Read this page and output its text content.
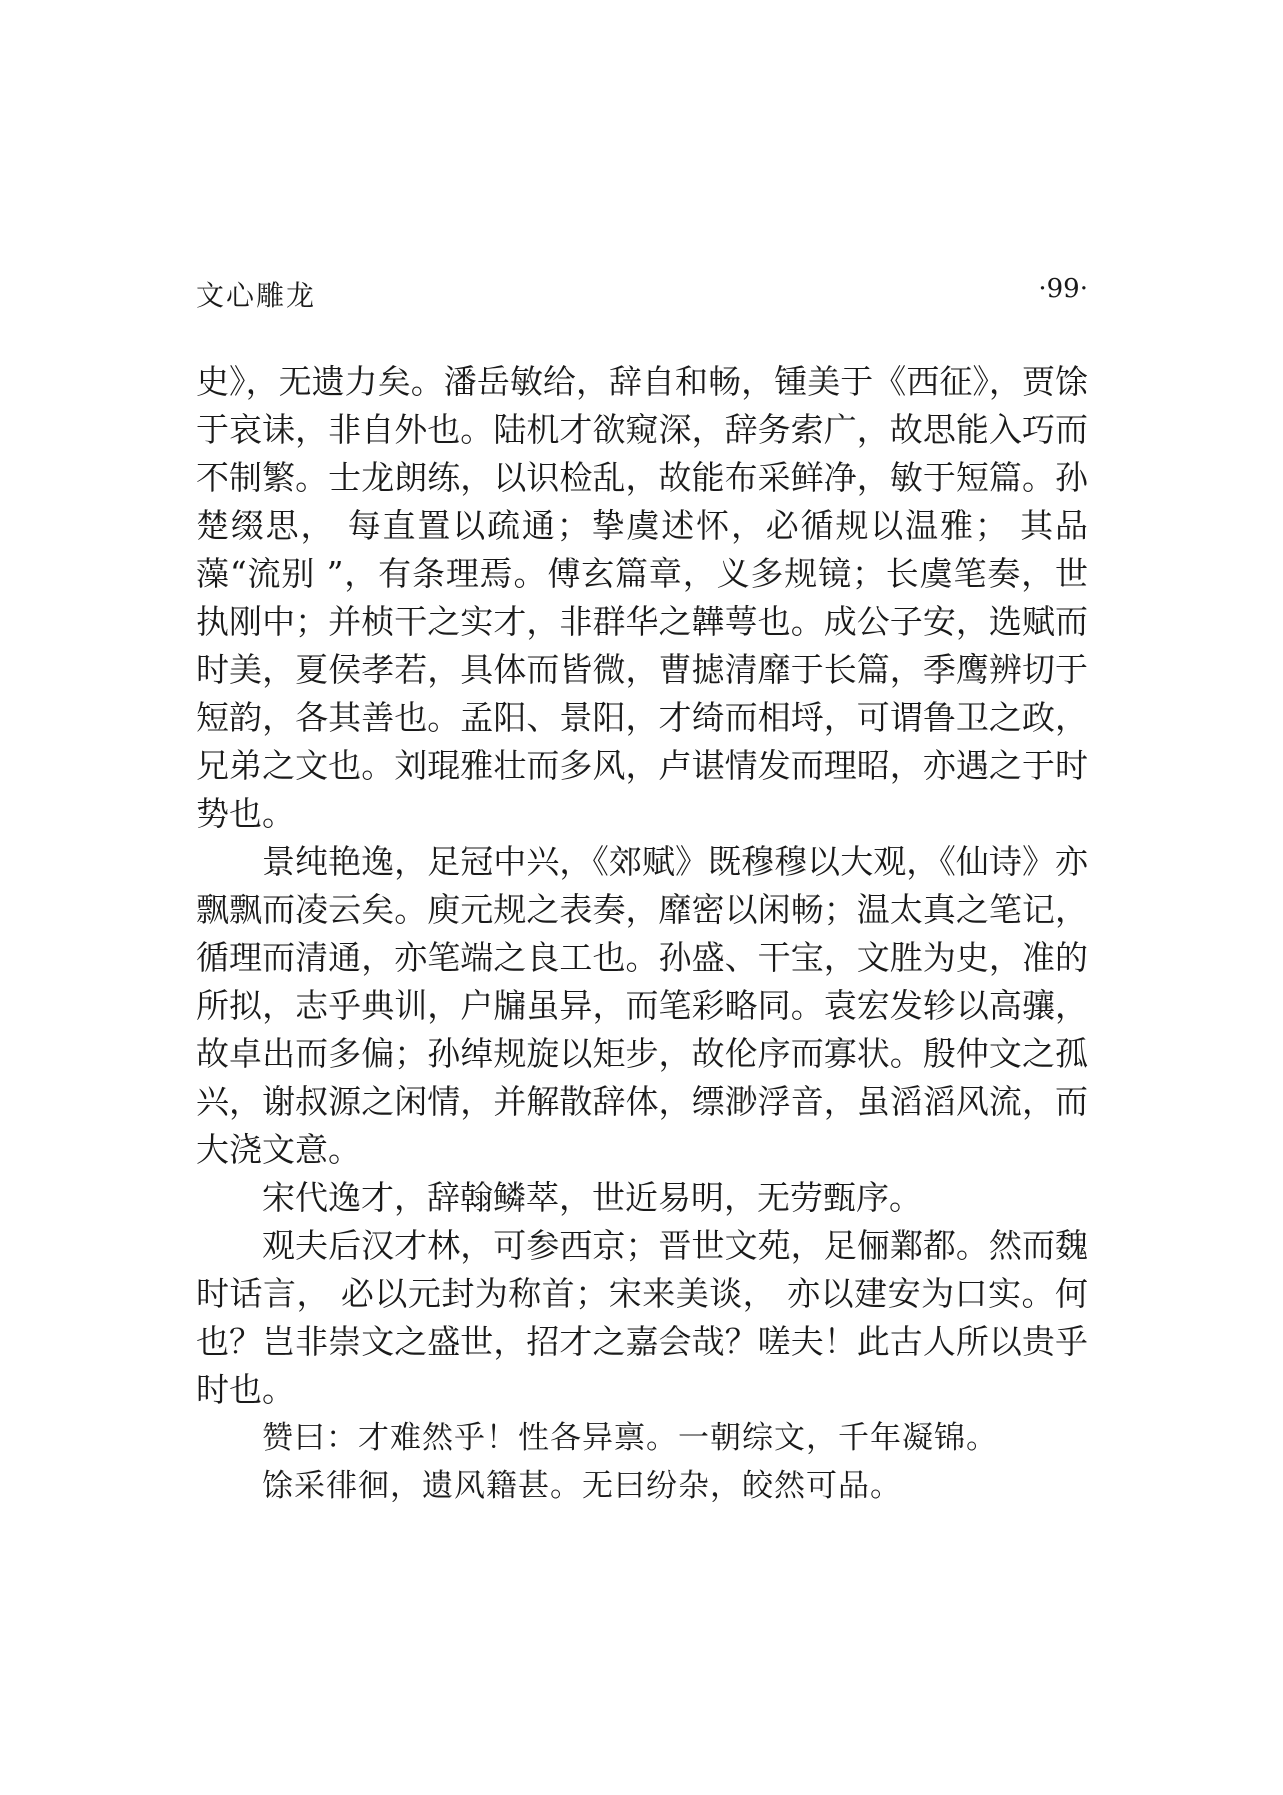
文心雕龙	·99·

史》，无遗力矣。潘岳敏给，辞自和畅，锺美于《西征》，贾馀于哀诔，非自外也。陆机才欲窥深，辞务索广，故思能入巧而不制繁。士龙朗练，以识检乱，故能布采鲜净，敏于短篇。孙楚缀思， 每直置以疏通；挚虞述怀，必循规以温雅； 其品藻“流别 ”，有条理焉。傅玄篇章，义多规镜；长虞笔奏，世执刚中；并桢干之实才，非群华之韡萼也。成公子安，选赋而时美，夏侯孝若，具体而皆微，曹摅清靡于长篇，季鹰辨切于短韵，各其善也。孟阳、景阳，才绮而相埒，可谓鲁卫之政，兄弟之文也。刘琨雅壮而多风，卢谌情发而理昭，亦遇之于时势也。

景纯艳逸，足冠中兴，《郊赋》既穆穆以大观，《仙诗》亦飘飘而凌云矣。庾元规之表奏，靡密以闲畅；温太真之笔记，循理而清通，亦笔端之良工也。孙盛、干宝，文胜为史，准的所拟，志乎典训，户牖虽异，而笔彩略同。袁宏发轸以高骧，故卓出而多偏；孙绰规旋以矩步，故伦序而寡状。殷仲文之孤兴，谢叔源之闲情，并解散辞体，缥渺浮音，虽滔滔风流，而大浇文意。

宋代逸才，辞翰鳞萃，世近易明，无劳甄序。

观夫后汉才林，可参西京；晋世文苑，足俪鄴都。然而魏时话言， 必以元封为称首；宋来美谈， 亦以建安为口实。何也？岂非崇文之盛世，招才之嘉会哉？嗟夫！此古人所以贵乎时也。

赞曰：才难然乎！性各异禀。一朝综文，千年凝锦。

馀采徘徊，遗风籍甚。无曰纷杂，皎然可品。
